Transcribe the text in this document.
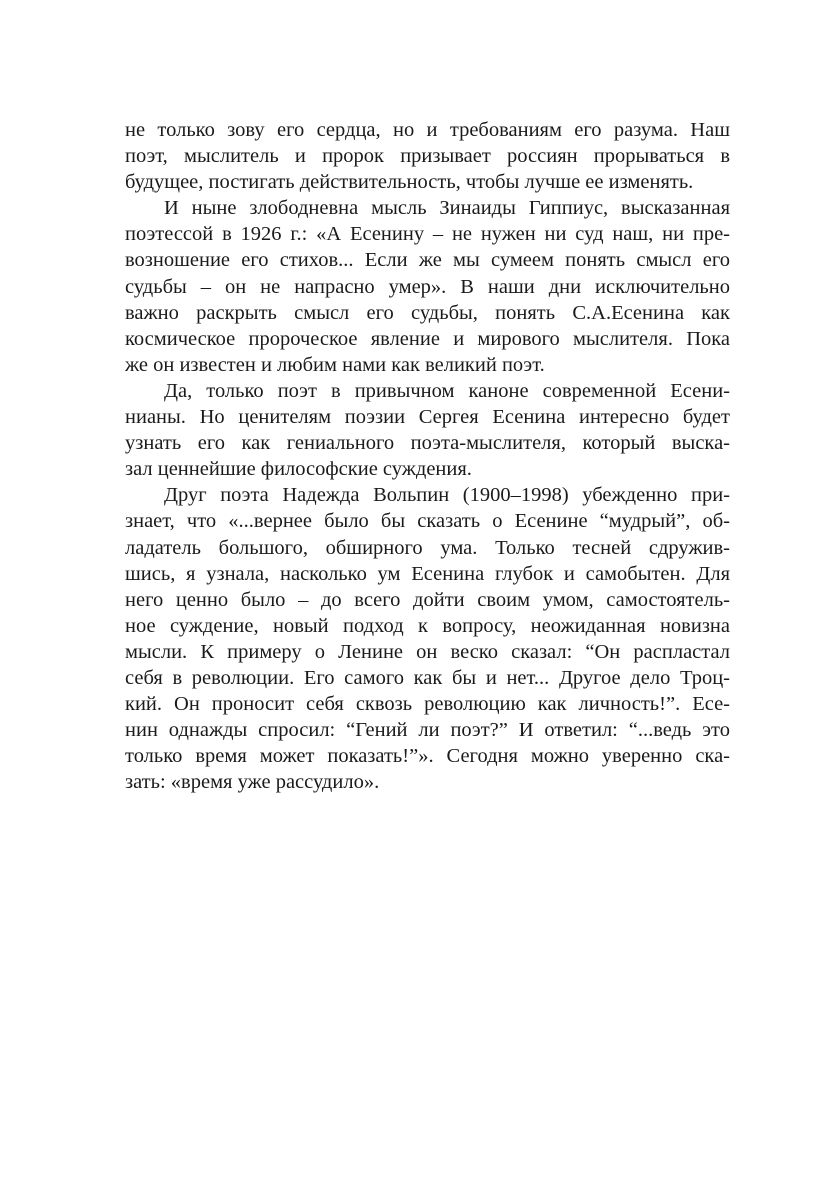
не только зову его сердца, но и требованиям его разума. Наш
поэт, мыслитель и пророк призывает россиян прорываться в
будущее, постигать действительность, чтобы лучше ее изменять.
И ныне злободневна мысль Зинаиды Гиппиус, высказанная
поэтессой в 1926 г.: «А Есенину – не нужен ни суд наш, ни пре-
возношение его стихов... Если же мы сумеем понять смысл его
судьбы – он не напрасно умер». В наши дни исключительно
важно раскрыть смысл его судьбы, понять С.А.Есенина как
космическое пророческое явление и мирового мыслителя. Пока
же он известен и любим нами как великий поэт.
Да, только поэт в привычном каноне современной Есени-
нианы. Но ценителям поэзии Сергея Есенина интересно будет
узнать его как гениального поэта-мыслителя, который выска-
зал ценнейшие философские суждения.
Друг поэта Надежда Вольпин (1900–1998) убежденно при-
знает, что «...вернее было бы сказать о Есенине “мудрый”, об-
ладатель большого, обширного ума. Только тесней сдружив-
шись, я узнала, насколько ум Есенина глубок и самобытен. Для
него ценно было – до всего дойти своим умом, самостоятель-
ное суждение, новый подход к вопросу, неожиданная новизна
мысли. К примеру о Ленине он веско сказал: “Он распластал
себя в революции. Его самого как бы и нет... Другое дело Троц-
кий. Он проносит себя сквозь революцию как личность!”. Есе-
нин однажды спросил: “Гений ли поэт?” И ответил: “...ведь это
только время может показать!”». Сегодня можно уверенно ска-
зать: «время уже рассудило».
